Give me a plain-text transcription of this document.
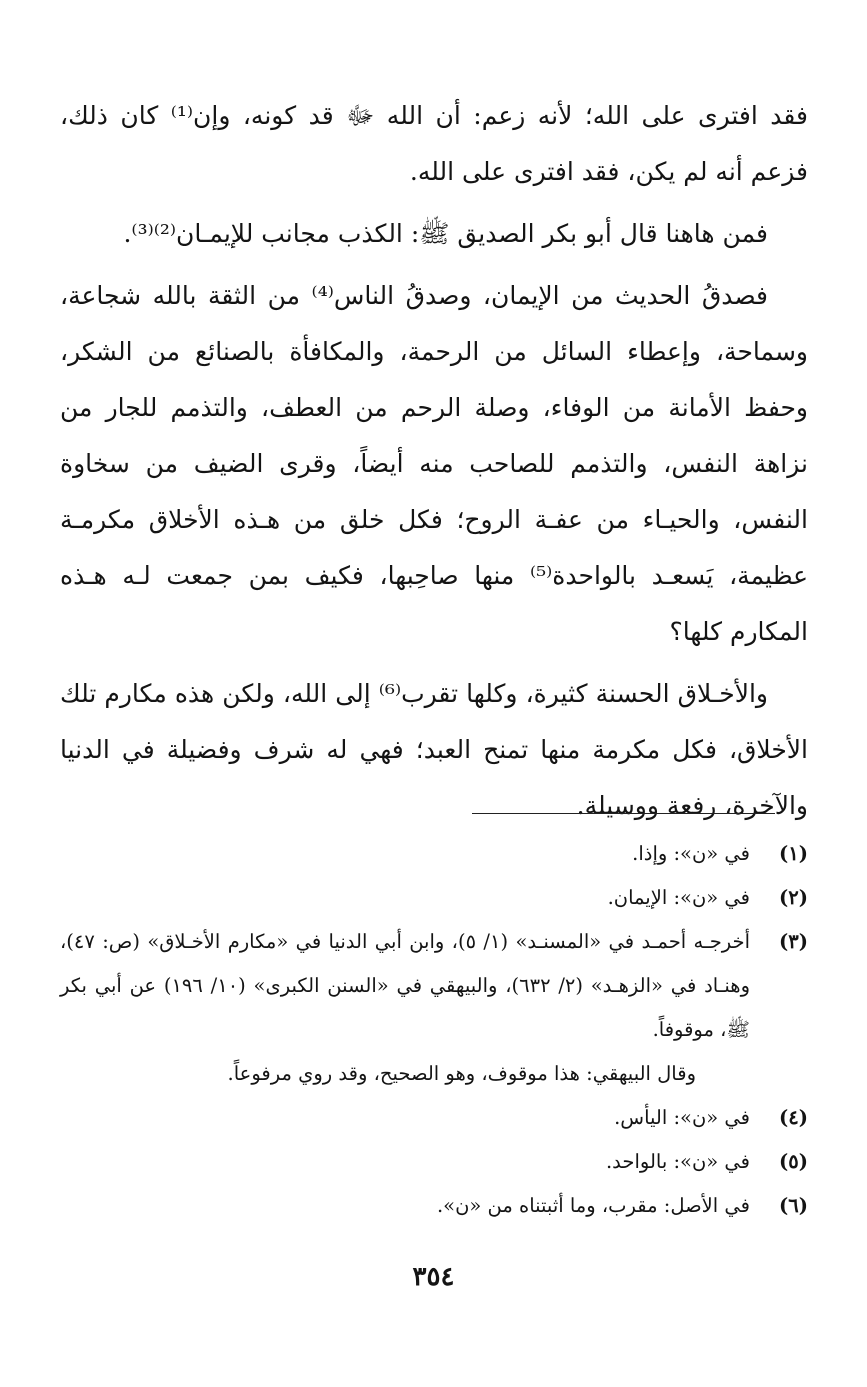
فقد افترى على الله؛ لأنه زعم: أن الله ﷻ قد كونه، وإن⁽¹⁾ كان ذلك، فزعم أنه لم يكن، فقد افترى على الله.

فمن هاهنا قال أبو بكر الصديق ﷺ: الكذب مجانب للإيمـان⁽²⁾⁽³⁾.

فصدقُ الحديث من الإيمان، وصدقُ الناس⁽⁴⁾ من الثقة بالله شجاعة، وسماحة، وإعطاء السائل من الرحمة، والمكافأة بالصنائع من الشكر، وحفظ الأمانة من الوفاء، وصلة الرحم من العطف، والتذمم للجار من نزاهة النفس، والتذمم للصاحب منه أيضاً، وقرى الضيف من سخاوة النفس، والحيـاء من عفـة الروح؛ فكل خلق من هـذه الأخلاق مكرمـة عظيمة، يَسعـد بالواحدة⁽⁵⁾ منها صاحِبها، فكيف بمن جمعت لـه هـذه المكارم كلها؟

والأخـلاق الحسنة كثيرة، وكلها تقرب⁽⁶⁾ إلى الله، ولكن هذه مكارم تلك الأخلاق، فكل مكرمة منها تمنح العبد؛ فهي له شرف وفضيلة في الدنيا والآخرة، رفعة ووسيلة.

(١)
في «ن»: وإذا.
(٢)
في «ن»: الإيمان.
(٣)
أخرجـه أحمـد في «المسنـد» (١/ ٥)، وابن أبي الدنيا في «مكارم الأخـلاق» (ص: ٤٧)، وهنـاد في «الزهـد» (٢/ ٦٣٢)، والبيهقي في «السنن الكبرى» (١٠/ ١٩٦) عن أبي بكر ﷺ، موقوفاً.
وقال البيهقي: هذا موقوف، وهو الصحيح، وقد روي مرفوعاً.
(٤)
في «ن»: اليأس.
(٥)
في «ن»: بالواحد.
(٦)
في الأصل: مقرب، وما أثبتناه من «ن».
٣٥٤
